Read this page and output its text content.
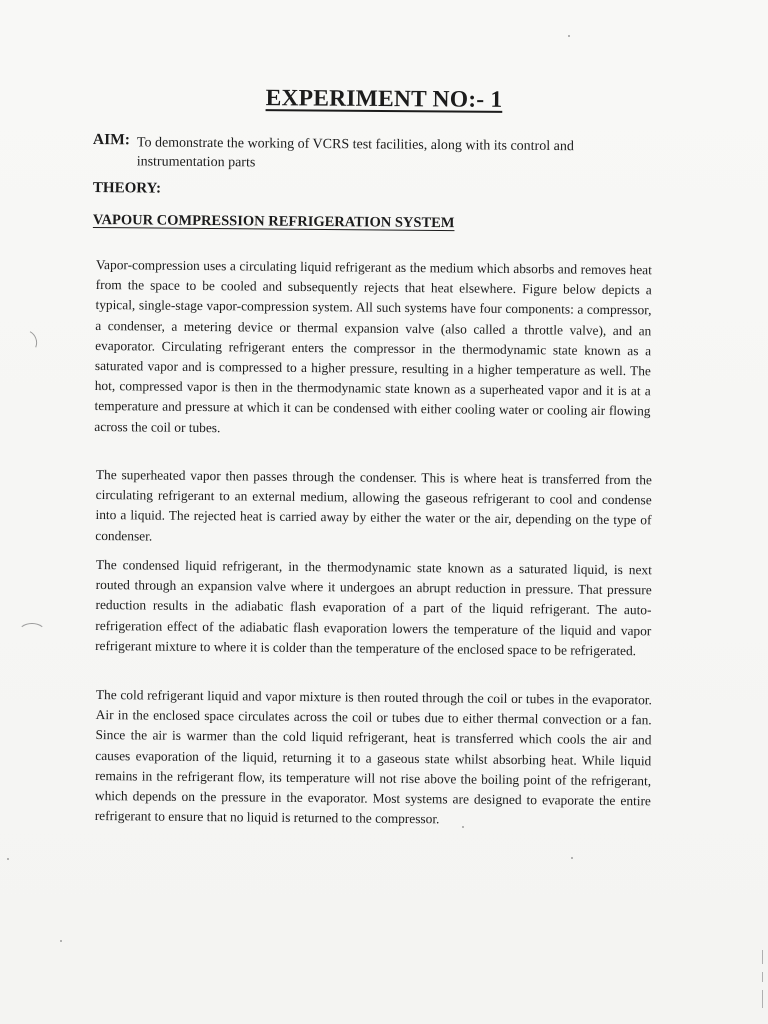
EXPERIMENT NO:- 1
AIM: To demonstrate the working of VCRS test facilities, along with its control and instrumentation parts
THEORY:
VAPOUR COMPRESSION REFRIGERATION SYSTEM

Vapor-compression uses a circulating liquid refrigerant as the medium which absorbs and removes heat from the space to be cooled and subsequently rejects that heat elsewhere. Figure below depicts a typical, single-stage vapor-compression system. All such systems have four components: a compressor, a condenser, a metering device or thermal expansion valve (also called a throttle valve), and an evaporator. Circulating refrigerant enters the compressor in the thermodynamic state known as a saturated vapor and is compressed to a higher pressure, resulting in a higher temperature as well. The hot, compressed vapor is then in the thermodynamic state known as a superheated vapor and it is at a temperature and pressure at which it can be condensed with either cooling water or cooling air flowing across the coil or tubes.

The superheated vapor then passes through the condenser. This is where heat is transferred from the circulating refrigerant to an external medium, allowing the gaseous refrigerant to cool and condense into a liquid. The rejected heat is carried away by either the water or the air, depending on the type of condenser.

The condensed liquid refrigerant, in the thermodynamic state known as a saturated liquid, is next routed through an expansion valve where it undergoes an abrupt reduction in pressure. That pressure reduction results in the adiabatic flash evaporation of a part of the liquid refrigerant. The auto-refrigeration effect of the adiabatic flash evaporation lowers the temperature of the liquid and vapor refrigerant mixture to where it is colder than the temperature of the enclosed space to be refrigerated.

The cold refrigerant liquid and vapor mixture is then routed through the coil or tubes in the evaporator. Air in the enclosed space circulates across the coil or tubes due to either thermal convection or a fan. Since the air is warmer than the cold liquid refrigerant, heat is transferred which cools the air and causes evaporation of the liquid, returning it to a gaseous state whilst absorbing heat. While liquid remains in the refrigerant flow, its temperature will not rise above the boiling point of the refrigerant, which depends on the pressure in the evaporator. Most systems are designed to evaporate the entire refrigerant to ensure that no liquid is returned to the compressor.
